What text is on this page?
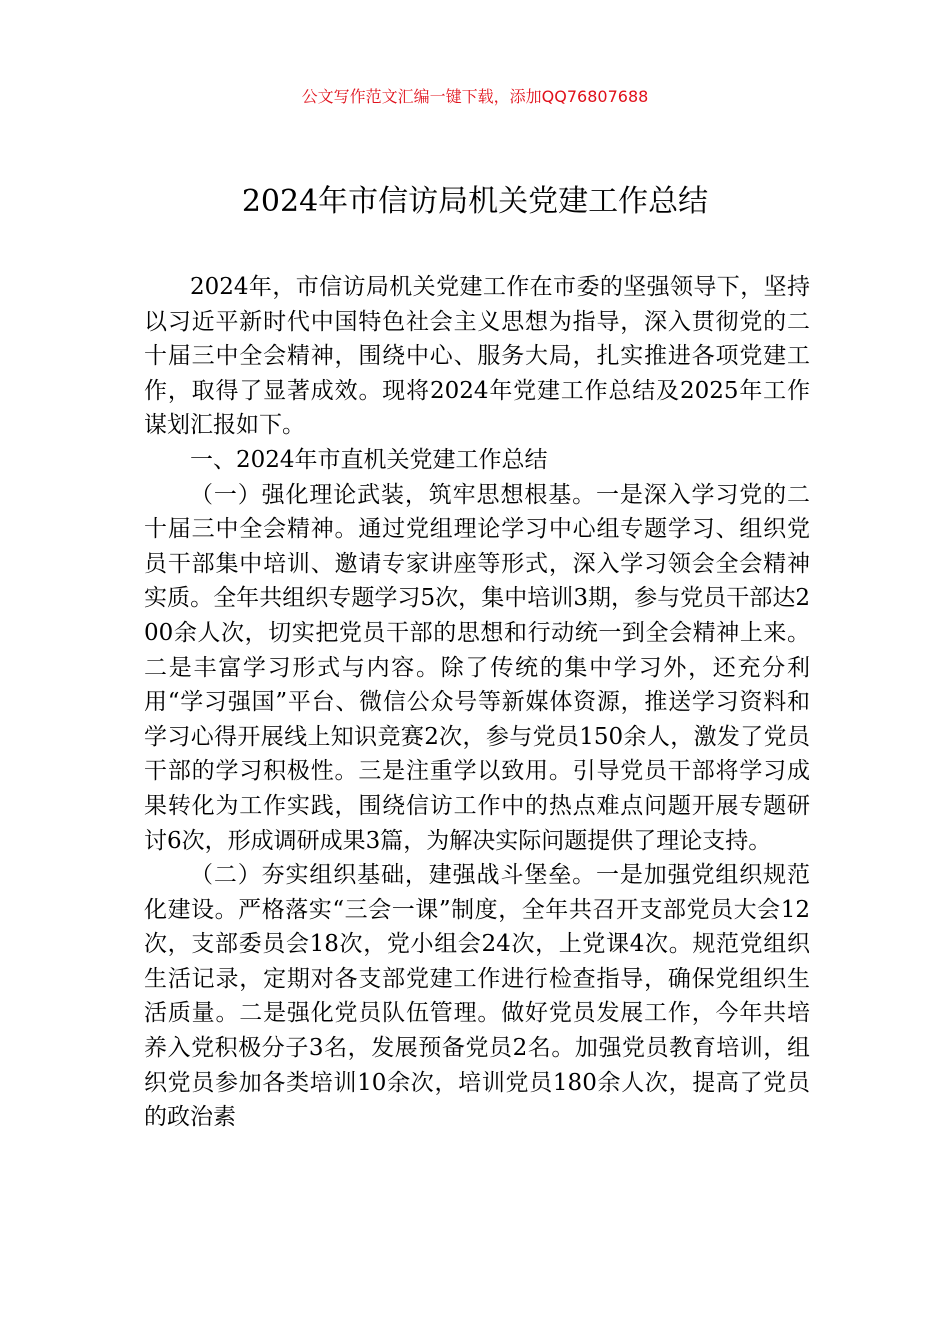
公文写作范文汇编一键下载，添加QQ76807688
2024年市信访局机关党建工作总结

2024年，市信访局机关党建工作在市委的坚强领导下，坚持以习近平新时代中国特色社会主义思想为指导，深入贯彻党的二十届三中全会精神，围绕中心、服务大局，扎实推进各项党建工作，取得了显著成效。现将2024年党建工作总结及2025年工作谋划汇报如下。

一、2024年市直机关党建工作总结

（一）强化理论武装，筑牢思想根基。一是深入学习党的二十届三中全会精神。通过党组理论学习中心组专题学习、组织党员干部集中培训、邀请专家讲座等形式，深入学习领会全会精神实质。全年共组织专题学习5次，集中培训3期，参与党员干部达200余人次，切实把党员干部的思想和行动统一到全会精神上来。二是丰富学习形式与内容。除了传统的集中学习外，还充分利用“学习强国”平台、微信公众号等新媒体资源，推送学习资料和学习心得开展线上知识竞赛2次，参与党员150余人，激发了党员干部的学习积极性。三是注重学以致用。引导党员干部将学习成果转化为工作实践，围绕信访工作中的热点难点问题开展专题研讨6次，形成调研成果3篇，为解决实际问题提供了理论支持。

（二）夯实组织基础，建强战斗堡垒。一是加强党组织规范化建设。严格落实“三会一课”制度，全年共召开支部党员大会12次，支部委员会18次，党小组会24次，上党课4次。规范党组织生活记录，定期对各支部党建工作进行检查指导，确保党组织生活质量。二是强化党员队伍管理。做好党员发展工作，今年共培养入党积极分子3名，发展预备党员2名。加强党员教育培训，组织党员参加各类培训10余次，培训党员180余人次，提高了党员的政治素
